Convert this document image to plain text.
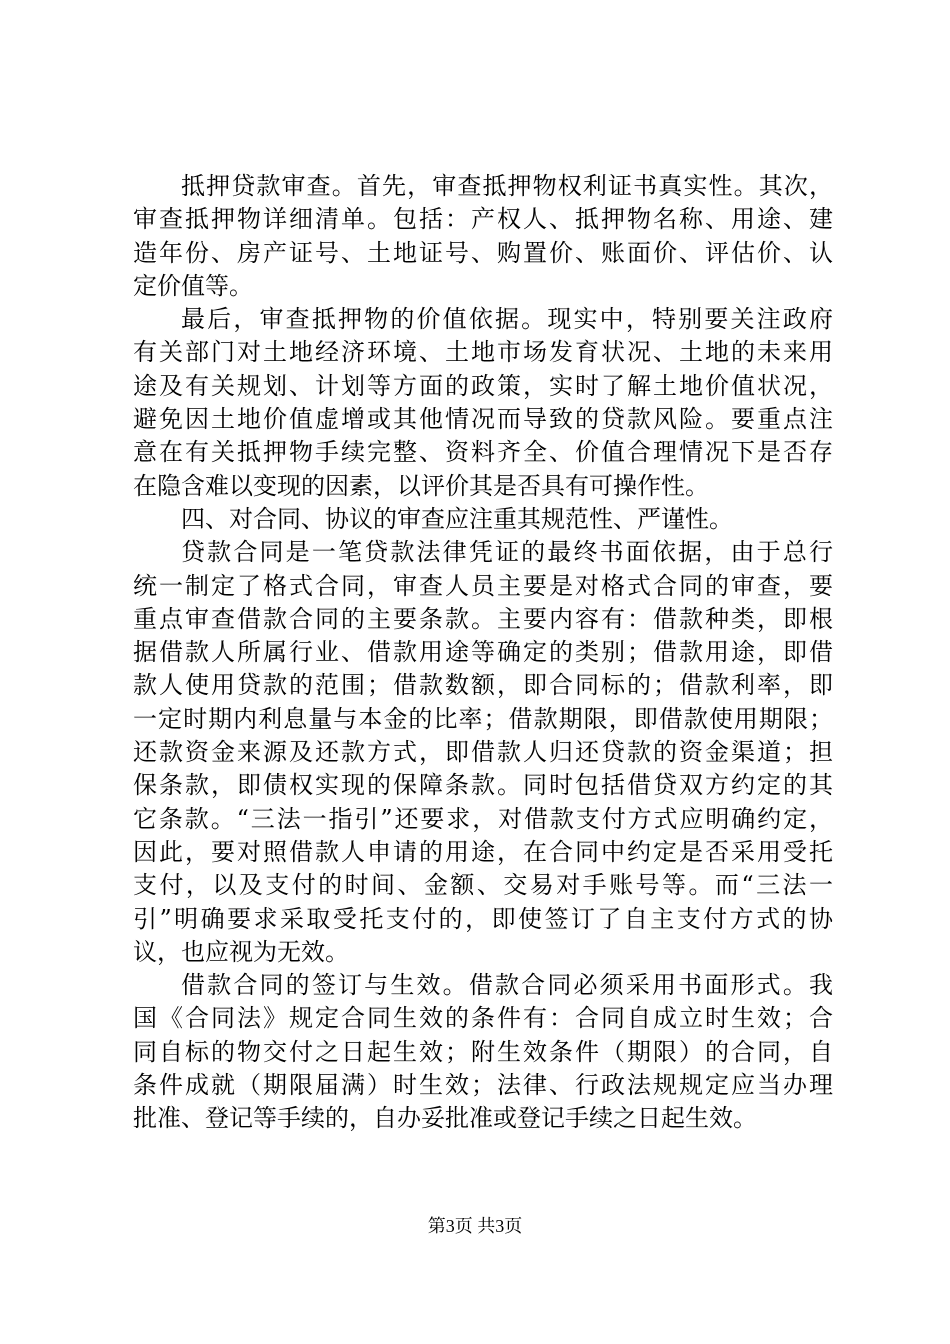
抵押贷款审查。首先，审查抵押物权利证书真实性。其次，
审查抵押物详细清单。包括：产权人、抵押物名称、用途、建
造年份、房产证号、土地证号、购置价、账面价、评估价、认
定价值等。
最后，审查抵押物的价值依据。现实中，特别要关注政府
有关部门对土地经济环境、土地市场发育状况、土地的未来用
途及有关规划、计划等方面的政策，实时了解土地价值状况，
避免因土地价值虚增或其他情况而导致的贷款风险。要重点注
意在有关抵押物手续完整、资料齐全、价值合理情况下是否存
在隐含难以变现的因素，以评价其是否具有可操作性。
四、对合同、协议的审查应注重其规范性、严谨性。
贷款合同是一笔贷款法律凭证的最终书面依据，由于总行
统一制定了格式合同，审查人员主要是对格式合同的审查，要
重点审查借款合同的主要条款。主要内容有：借款种类，即根
据借款人所属行业、借款用途等确定的类别；借款用途，即借
款人使用贷款的范围；借款数额，即合同标的；借款利率，即
一定时期内利息量与本金的比率；借款期限，即借款使用期限；
还款资金来源及还款方式，即借款人归还贷款的资金渠道；担
保条款，即债权实现的保障条款。同时包括借贷双方约定的其
它条款。“三法一指引”还要求，对借款支付方式应明确约定，
因此，要对照借款人申请的用途，在合同中约定是否采用受托
支付，以及支付的时间、金额、交易对手账号等。而“三法一
引”明确要求采取受托支付的，即使签订了自主支付方式的协
议，也应视为无效。
借款合同的签订与生效。借款合同必须采用书面形式。我
国《合同法》规定合同生效的条件有：合同自成立时生效；合
同自标的物交付之日起生效；附生效条件（期限）的合同，自
条件成就（期限届满）时生效；法律、行政法规规定应当办理
批准、登记等手续的，自办妥批准或登记手续之日起生效。
第3页 共3页
